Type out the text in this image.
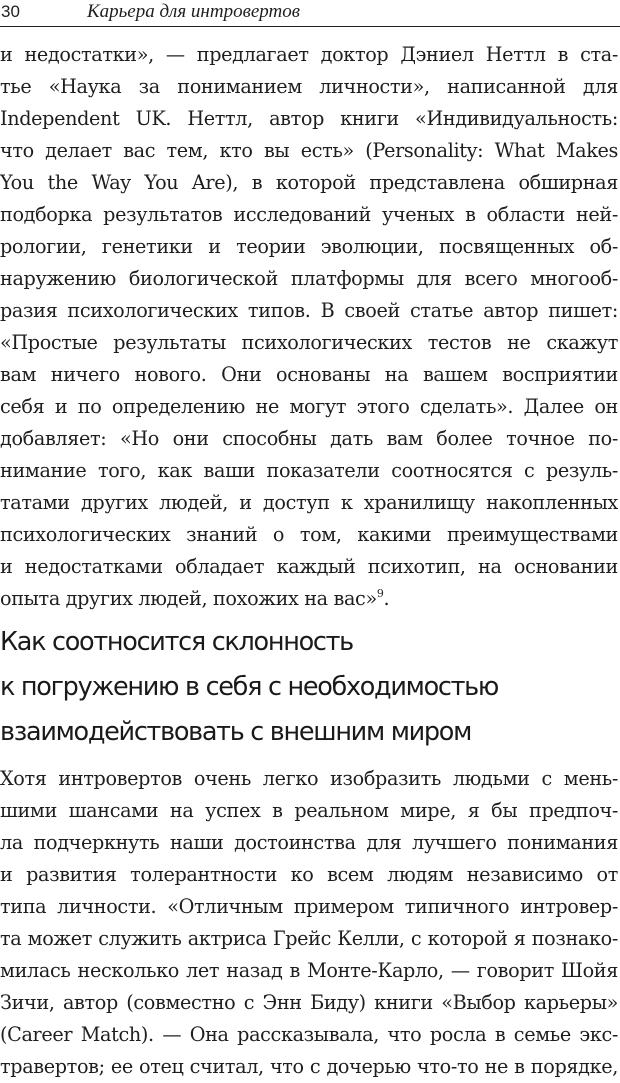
30	Карьера для интровертов
и недостатки», — предлагает доктор Дэниел Неттл в ста-
тье «Наука за пониманием личности», написанной для
Independent UK. Неттл, автор книги «Индивидуальность:
что делает вас тем, кто вы есть» (Personality: What Makes
You the Way You Are), в которой представлена обширная
подборка результатов исследований ученых в области ней-
рологии, генетики и теории эволюции, посвященных об-
наружению биологической платформы для всего многооб-
разия психологических типов. В своей статье автор пишет:
«Простые результаты психологических тестов не скажут
вам ничего нового. Они основаны на вашем восприятии
себя и по определению не могут этого сделать». Далее он
добавляет: «Но они способны дать вам более точное по-
нимание того, как ваши показатели соотносятся с резуль-
татами других людей, и доступ к хранилищу накопленных
психологических знаний о том, какими преимуществами
и недостатками обладает каждый психотип, на основании
опыта других людей, похожих на вас»$^9$.
Как соотносится склонность
к погружению в себя с необходимостью
взаимодействовать с внешним миром
Хотя интровертов очень легко изобразить людьми с мень-
шими шансами на успех в реальном мире, я бы предпоч-
ла подчеркнуть наши достоинства для лучшего понимания
и развития толерантности ко всем людям независимо от
типа личности. «Отличным примером типичного интровер-
та может служить актриса Грейс Келли, с которой я познако-
милась несколько лет назад в Монте-Карло, — говорит Шойя
Зичи, автор (совместно с Энн Биду) книги «Выбор карьеры»
(Career Match). — Она рассказывала, что росла в семье экс-
травертов; ее отец считал, что с дочерью что-то не в порядке,
